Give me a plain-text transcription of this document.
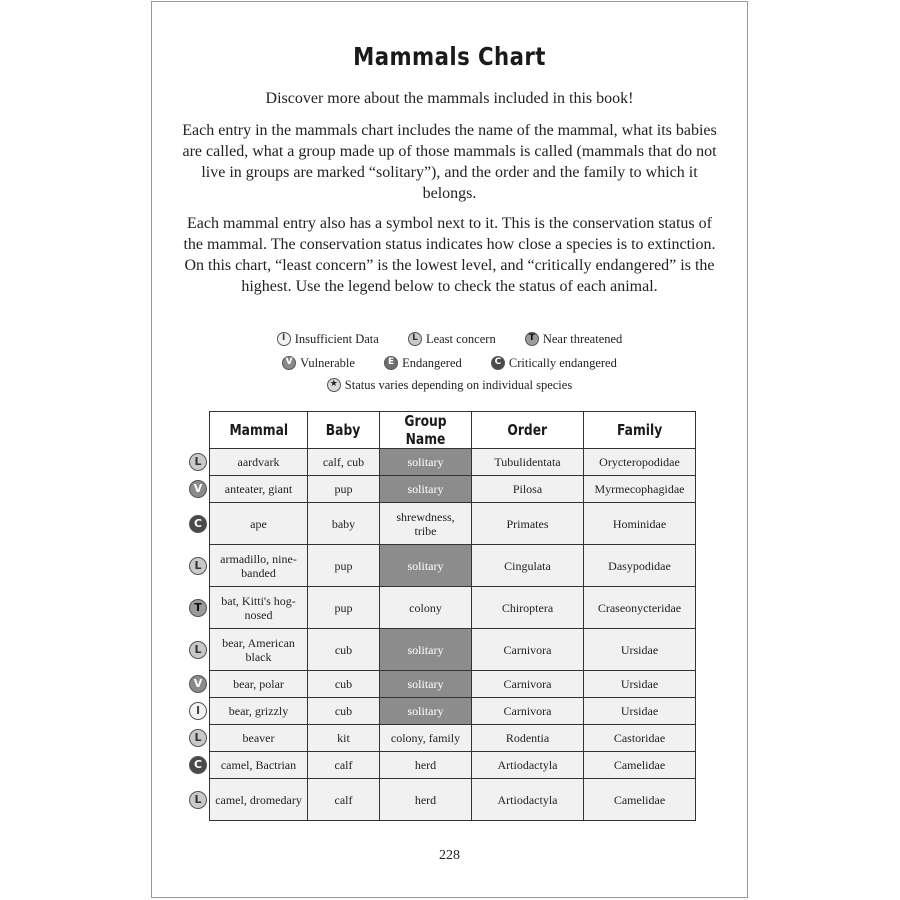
Mammals Chart
Discover more about the mammals included in this book!
Each entry in the mammals chart includes the name of the mammal, what its babies are called, what a group made up of those mammals is called (mammals that do not live in groups are marked “solitary”), and the order and the family to which it belongs.
Each mammal entry also has a symbol next to it. This is the conservation status of the mammal. The conservation status indicates how close a species is to extinction. On this chart, “least concern” is the lowest level, and “critically endangered” is the highest. Use the legend below to check the status of each animal.
I Insufficient Data	L Least concern	T Near threatened
V Vulnerable	E Endangered	C Critically endangered
★ Status varies depending on individual species
Mammal	Baby	Group Name	Order	Family

L aardvark	calf, cub	solitary	Tubulidentata	Orycteropodidae

V anteater, giant	pup	solitary	Pilosa	Myrmecophagidae

C ape	baby	shrewdness, tribe	Primates	Hominidae

L armadillo, nine-banded	pup	solitary	Cingulata	Dasypodidae

T bat, Kitti's hog-nosed	pup	colony	Chiroptera	Craseonycteridae

L bear, American black	cub	solitary	Carnivora	Ursidae

V bear, polar	cub	solitary	Carnivora	Ursidae

I bear, grizzly	cub	solitary	Carnivora	Ursidae

L beaver	kit	colony, family	Rodentia	Castoridae

C camel, Bactrian	calf	herd	Artiodactyla	Camelidae

L camel, dromedary	calf	herd	Artiodactyla	Camelidae
228
